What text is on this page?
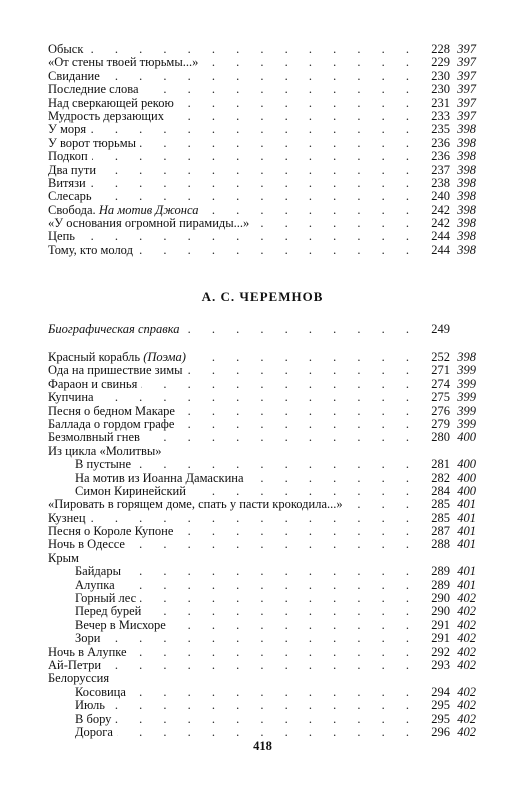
. . .
Обыск	228 397
. . .
«От стены твоей тюрьмы...»	229 397
. . .
Свидание	230 397
. . .
Последние слова	230 397
. . .
Над сверкающей рекою	231 397
. . .
Мудрость дерзающих	233 397
. . .
У моря	235 398
. . .
У ворот тюрьмы	236 398
. . .
Подкоп	236 398
. . .
Два пути	237 398
. . .
Витязи	238 398
. . .
Слесарь	240 398
. . .
Свобода. На мотив Джонса	242 398
. . .
«У основания огромной пирамиды...»	242 398
. . .
Цепь	244 398
. . .
Тому, кто молод	244 398
А. С. ЧЕРЕМНОВ
. . .
Биографическая справка	249
. . .
Красный корабль (Поэма)	252 398
. . .
Ода на пришествие зимы	271 399
. . .
Фараон и свинья	274 399
. . .
Купчина	275 399
. . .
Песня о бедном Макаре	276 399
. . .
Баллада о гордом графе	279 399
. . .
Безмолвный гнев	280 400
Из цикла «Молитвы»
. . .
В пустыне	281 400
. . .
На мотив из Иоанна Дамаскина	282 400
. . .
Симон Киринейский	284 400
. . .
«Пировать в горящем доме, спать у пасти крокодила...»	285 401
. . .
Кузнец	285 401
. . .
Песня о Короле Купоне	287 401
. . .
Ночь в Одессе	288 401
Крым
. . .
Байдары	289 401
. . .
Алупка	289 401
. . .
Горный лес	290 402
. . .
Перед бурей	290 402
. . .
Вечер в Мисхоре	291 402
. . .
Зори	291 402
. . .
Ночь в Алупке	292 402
. . .
Ай-Петри	293 402
Белоруссия
. . .
Косовица	294 402
. . .
Июль	295 402
. . .
В бору	295 402
. . .
Дорога	296 402
418
